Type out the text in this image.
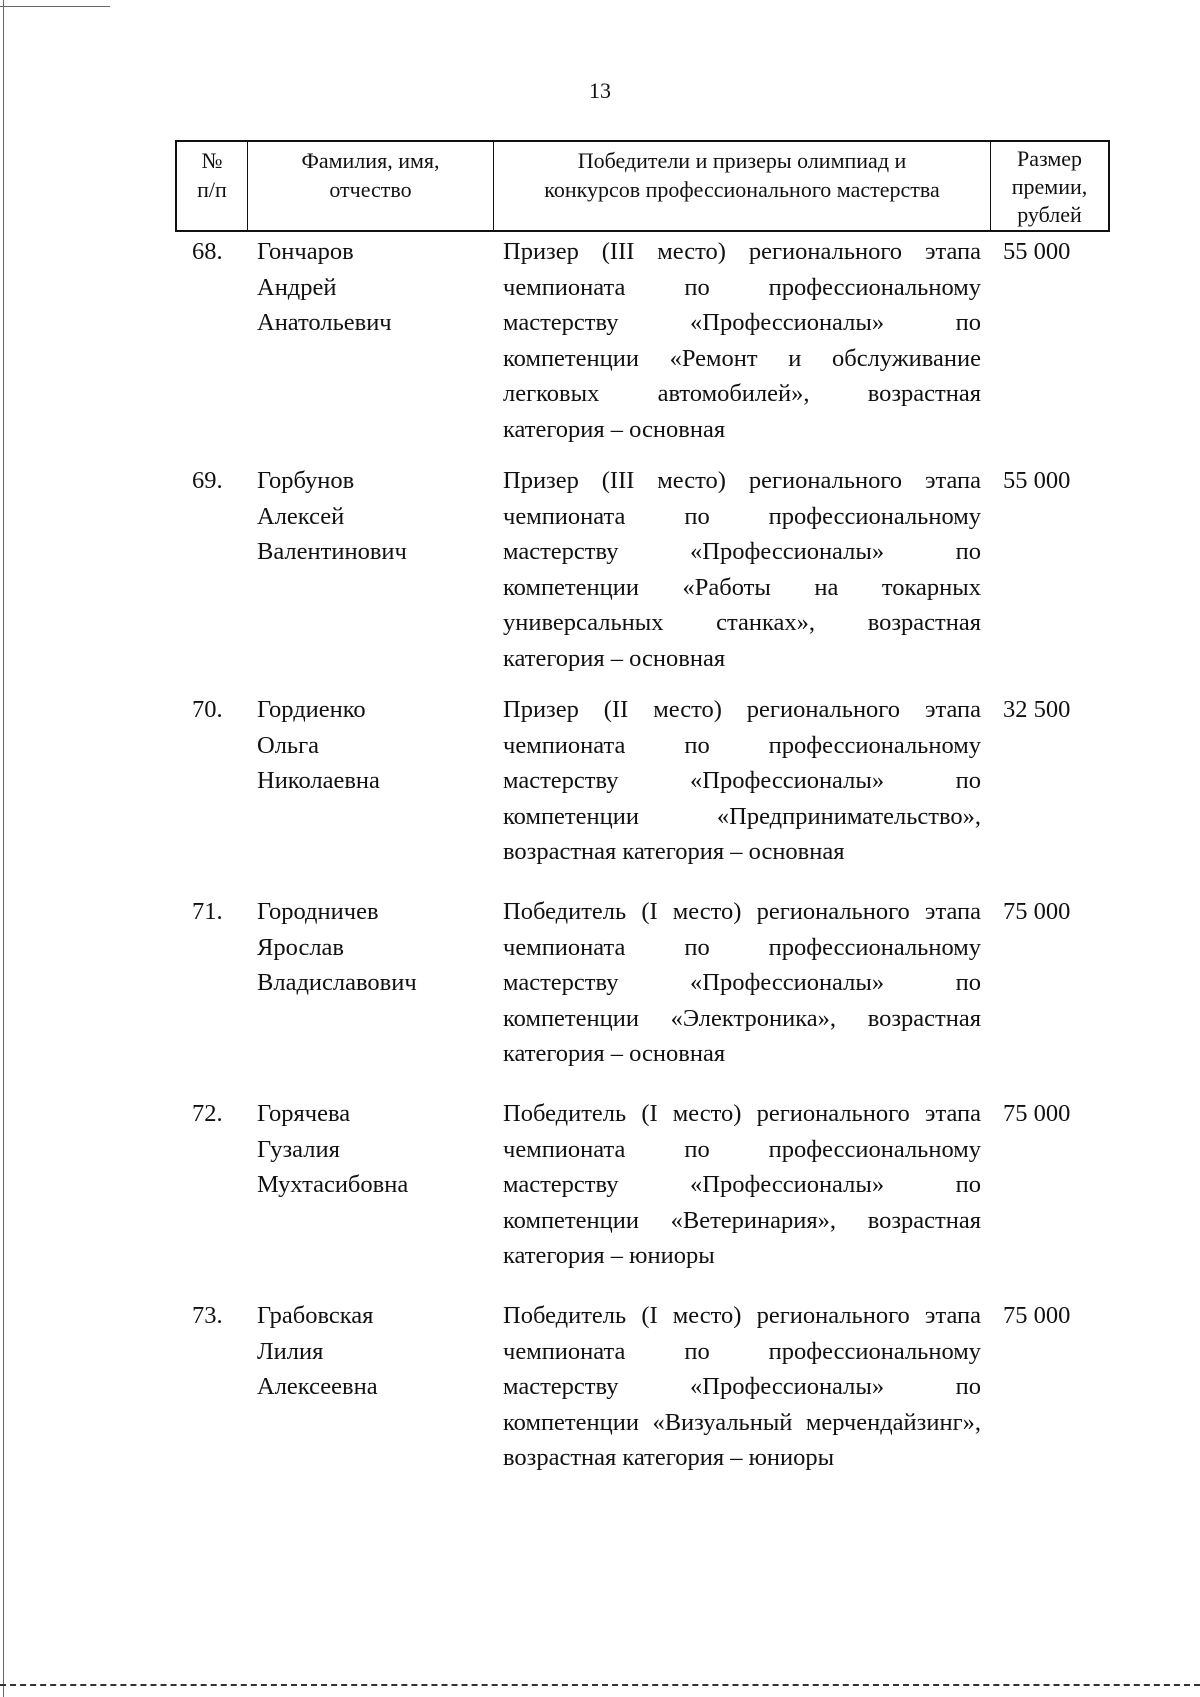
13
№
п/п
Фамилия, имя,
отчество
Победители и призеры олимпиад и
конкурсов профессионального мастерства
Размер
премии,
рублей
68. Гончаров
Андрей
Анатольевич
Призер (III место) регионального этапа чемпионата по профессиональному мастерству «Профессионалы» по компетенции «Ремонт и обслуживание легковых автомобилей», возрастная категория – основная
55 000
69. Горбунов
Алексей
Валентинович
Призер (III место) регионального этапа чемпионата по профессиональному мастерству «Профессионалы» по компетенции «Работы на токарных универсальных станках», возрастная категория – основная
55 000
70. Гордиенко
Ольга
Николаевна
Призер (II место) регионального этапа чемпионата по профессиональному мастерству «Профессионалы» по компетенции «Предпринимательство», возрастная категория – основная
32 500
71. Городничев
Ярослав
Владиславович
Победитель (I место) регионального этапа чемпионата по профессиональному мастерству «Профессионалы» по компетенции «Электроника», возрастная категория – основная
75 000
72. Горячева
Гузалия
Мухтасибовна
Победитель (I место) регионального этапа чемпионата по профессиональному мастерству «Профессионалы» по компетенции «Ветеринария», возрастная категория – юниоры
75 000
73. Грабовская
Лилия
Алексеевна
Победитель (I место) регионального этапа чемпионата по профессиональному мастерству «Профессионалы» по компетенции «Визуальный мерчендайзинг», возрастная категория – юниоры
75 000
